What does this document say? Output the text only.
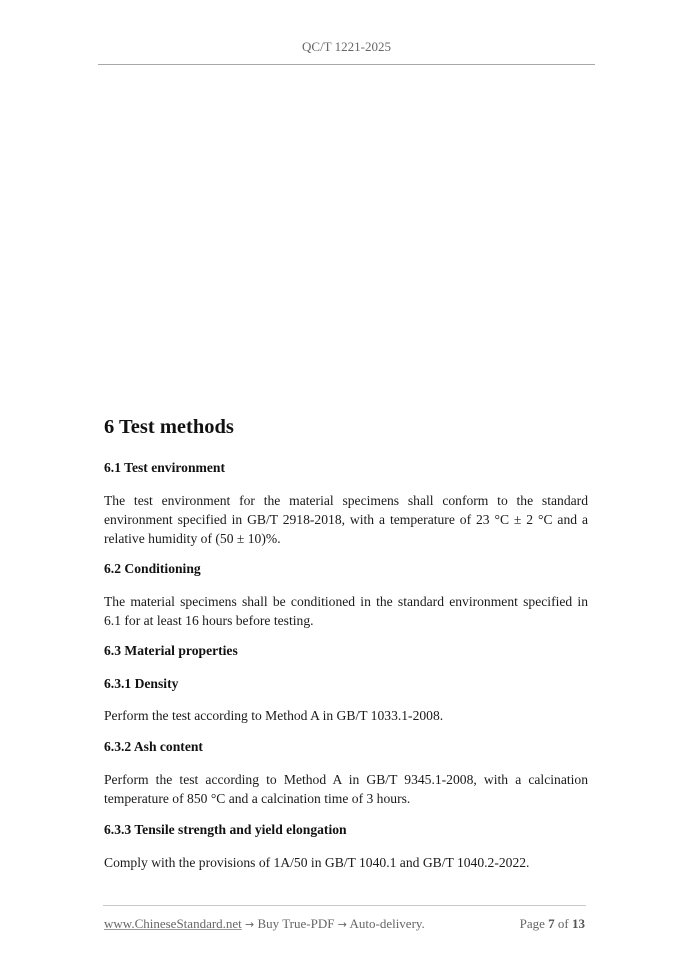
QC/T 1221-2025
6 Test methods
6.1 Test environment

The test environment for the material specimens shall conform to the standard environment specified in GB/T 2918-2018, with a temperature of 23 °C ± 2 °C and a relative humidity of (50 ± 10)%.

6.2 Conditioning

The material specimens shall be conditioned in the standard environment specified in 6.1 for at least 16 hours before testing.

6.3 Material properties
6.3.1 Density

Perform the test according to Method A in GB/T 1033.1-2008.

6.3.2 Ash content

Perform the test according to Method A in GB/T 9345.1-2008, with a calcination temperature of 850 °C and a calcination time of 3 hours.

6.3.3 Tensile strength and yield elongation

Comply with the provisions of 1A/50 in GB/T 1040.1 and GB/T 1040.2-2022.

www.ChineseStandard.net → Buy True-PDF → Auto-delivery.	Page 7 of 13
